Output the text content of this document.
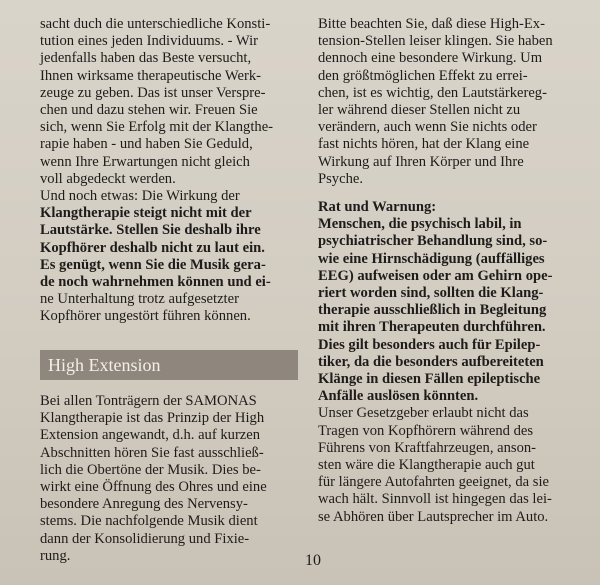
sacht duch die unterschiedliche Konsti-
tution eines jeden Individuums. - Wir
jedenfalls haben das Beste versucht,
Ihnen wirksame therapeutische Werk-
zeuge zu geben. Das ist unser Verspre-
chen und dazu stehen wir. Freuen Sie
sich, wenn Sie Erfolg mit der Klangthe-
rapie haben - und haben Sie Geduld,
wenn Ihre Erwartungen nicht gleich
voll abgedeckt werden.
Und noch etwas: Die Wirkung der
Klangtherapie steigt nicht mit der
Lautstärke. Stellen Sie deshalb ihre
Kopfhörer deshalb nicht zu laut ein.
Es genügt, wenn Sie die Musik gera-
de noch wahrnehmen können und ei-
ne Unterhaltung trotz aufgesetzter
Kopfhörer ungestört führen können.
High Extension
Bei allen Tonträgern der SAMONAS
Klangtherapie ist das Prinzip der High
Extension angewandt, d.h. auf kurzen
Abschnitten hören Sie fast ausschließ-
lich die Obertöne der Musik. Dies be-
wirkt eine Öffnung des Ohres und eine
besondere Anregung des Nervensy-
stems. Die nachfolgende Musik dient
dann der Konsolidierung und Fixie-
rung.
Bitte beachten Sie, daß diese High-Ex-
tension-Stellen leiser klingen. Sie haben
dennoch eine besondere Wirkung. Um
den größtmöglichen Effekt zu errei-
chen, ist es wichtig, den Lautstärkereg-
ler während dieser Stellen nicht zu
verändern, auch wenn Sie nichts oder
fast nichts hören, hat der Klang eine
Wirkung auf Ihren Körper und Ihre
Psyche.
Rat und Warnung:
Menschen, die psychisch labil, in
psychiatrischer Behandlung sind, so-
wie eine Hirnschädigung (auffälliges
EEG) aufweisen oder am Gehirn ope-
riert worden sind, sollten die Klang-
therapie ausschließlich in Begleitung
mit ihren Therapeuten durchführen.
Dies gilt besonders auch für Epilep-
tiker, da die besonders aufbereiteten
Klänge in diesen Fällen epileptische
Anfälle auslösen könnten.
Unser Gesetzgeber erlaubt nicht das
Tragen von Kopfhörern während des
Führens von Kraftfahrzeugen, anson-
sten wäre die Klangtherapie auch gut
für längere Autofahrten geeignet, da sie
wach hält. Sinnvoll ist hingegen das lei-
se Abhören über Lautsprecher im Auto.
10
